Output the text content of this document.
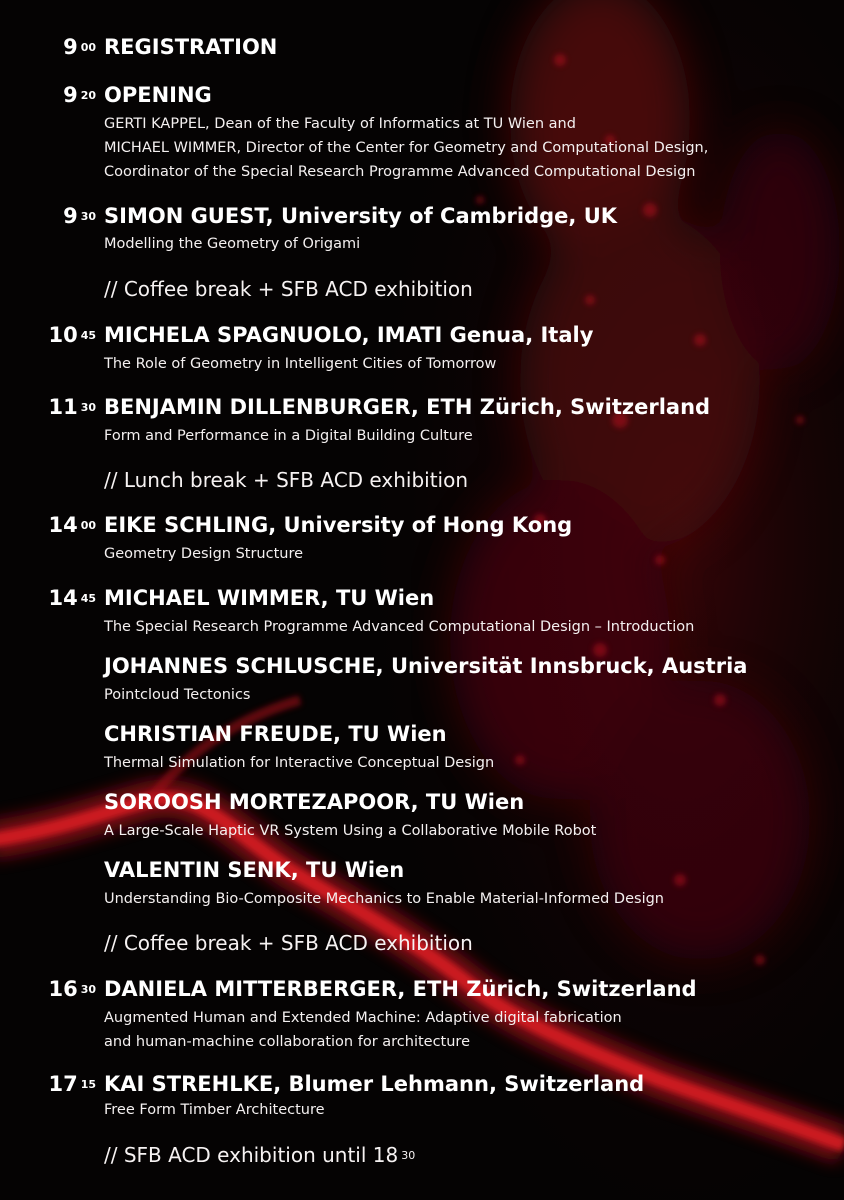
9 $^{00}$ REGISTRATION
9 $^{20}$ OPENING
GERTI KAPPEL, Dean of the Faculty of Informatics at TU Wien and
MICHAEL WIMMER, Director of the Center for Geometry and Computational Design,
Coordinator of the Special Research Programme Advanced Computational Design
9 $^{30}$ SIMON GUEST, University of Cambridge, UK
Modelling the Geometry of Origami
// Coffee break + SFB ACD exhibition
10 $^{45}$ MICHELA SPAGNUOLO, IMATI Genua, Italy
The Role of Geometry in Intelligent Cities of Tomorrow
11 $^{30}$ BENJAMIN DILLENBURGER, ETH Zürich, Switzerland
Form and Performance in a Digital Building Culture
// Lunch break + SFB ACD exhibition
14 $^{00}$ EIKE SCHLING, University of Hong Kong
Geometry Design Structure
14 $^{45}$ MICHAEL WIMMER, TU Wien
The Special Research Programme Advanced Computational Design – Introduction
JOHANNES SCHLUSCHE, Universität Innsbruck, Austria
Pointcloud Tectonics
CHRISTIAN FREUDE, TU Wien
Thermal Simulation for Interactive Conceptual Design
SOROOSH MORTEZAPOOR, TU Wien
A Large-Scale Haptic VR System Using a Collaborative Mobile Robot
VALENTIN SENK, TU Wien
Understanding Bio-Composite Mechanics to Enable Material-Informed Design
// Coffee break + SFB ACD exhibition
16 $^{30}$ DANIELA MITTERBERGER, ETH Zürich, Switzerland
Augmented Human and Extended Machine: Adaptive digital fabrication
and human-machine collaboration for architecture
17 $^{15}$ KAI STREHLKE, Blumer Lehmann, Switzerland
Free Form Timber Architecture
// SFB ACD exhibition until 18 $^{30}$
